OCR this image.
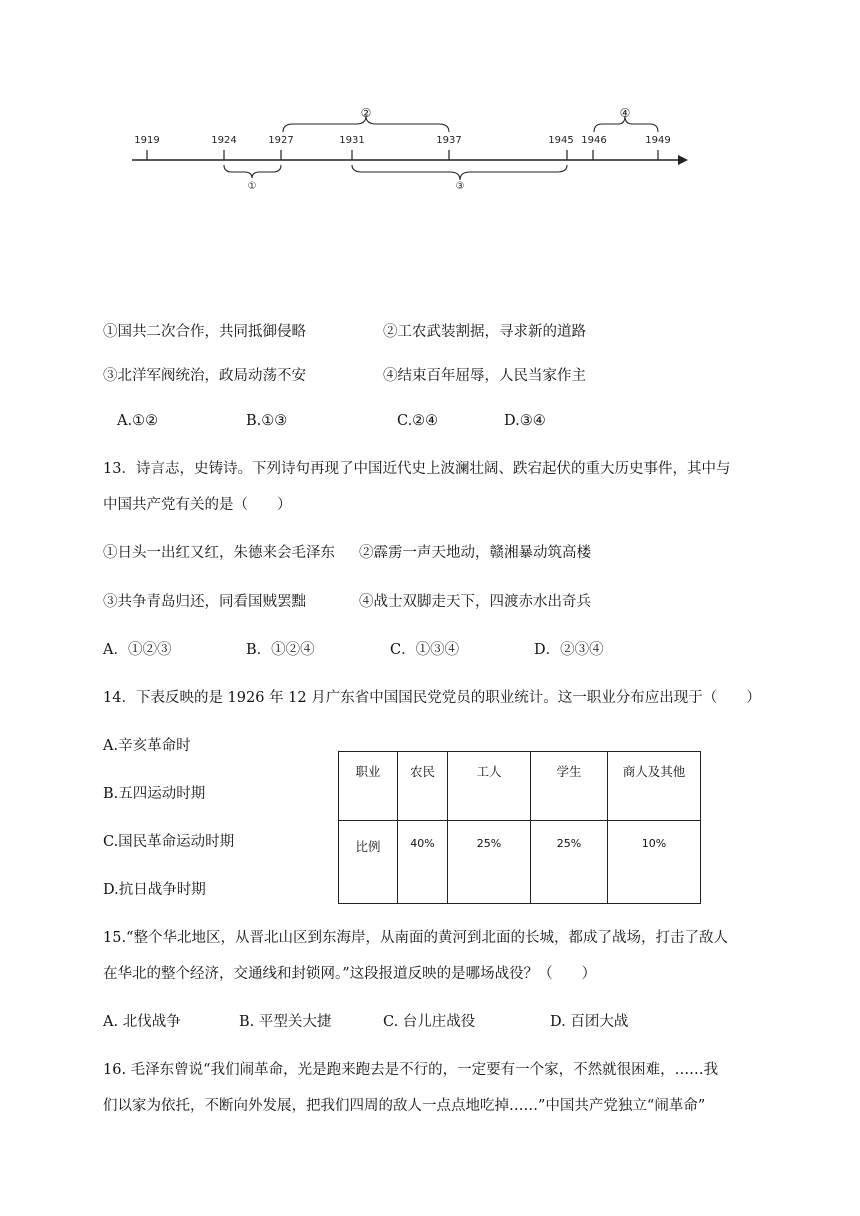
1919	1924	1927	1931	1937	1945 1946	1949
①
②
③
④
①国共二次合作，共同抵御侵略	②工农武装割据，寻求新的道路
③北洋军阀统治，政局动荡不安	④结束百年屈辱，人民当家作主
A.①②	B.①③	C.②④	D.③④
13．诗言志，史铸诗。下列诗句再现了中国近代史上波澜壮阔、跌宕起伏的重大历史事件，其中与
中国共产党有关的是（　　）
①日头一出红又红，朱德来会毛泽东 ②霹雳一声天地动，赣湘暴动筑高楼
③共争青岛归还，同看国贼罢黜	④战士双脚走天下，四渡赤水出奇兵
A．①②③	B．①②④	C．①③④	D．②③④
14．下表反映的是 1926 年 12 月广东省中国国民党党员的职业统计。这一职业分布应出现于（　　）
A.辛亥革命时
B.五四运动时期
C.国民革命运动时期
D.抗日战争时期
职业	农民	工人	学生	商人及其他
比例	40%	25%	25%	10%
15.“整个华北地区，从晋北山区到东海岸，从南面的黄河到北面的长城，都成了战场，打击了敌人
在华北的整个经济，交通线和封锁网。”这段报道反映的是哪场战役？（　　）
A. 北伐战争	B. 平型关大捷	C. 台儿庄战役	D. 百团大战
16. 毛泽东曾说“我们闹革命，光是跑来跑去是不行的，一定要有一个家，不然就很困难，……我
们以家为依托，不断向外发展，把我们四周的敌人一点点地吃掉……”中国共产党独立“闹革命”
